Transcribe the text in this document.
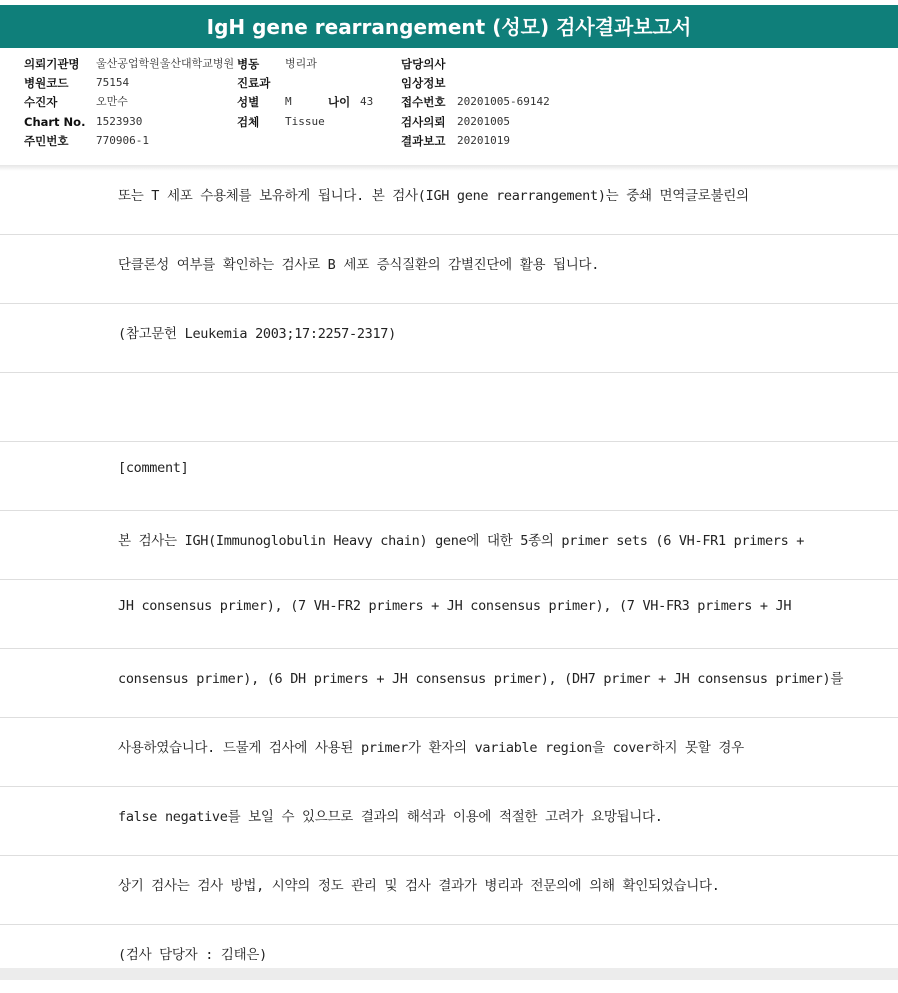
IgH gene rearrangement (성모) 검사결과보고서
의뢰기관명 울산공업학원울산대학교병원
병원코드	75154
수진자	오만수
Chart No. 1523930
주민번호	770906-1
병동 병리과
진료과
성별 M	나이 43
검체 Tissue
담당의사
임상정보
접수번호 20201005-69142
검사의뢰 20201005
결과보고 20201019
또는 T 세포 수용체를 보유하게 됩니다. 본 검사(IGH gene rearrangement)는 중쇄 면역글로불린의
단클론성 여부를 확인하는 검사로 B 세포 증식질환의 감별진단에 활용 됩니다.
(참고문헌 Leukemia 2003;17:2257-2317)
[comment]
본 검사는 IGH(Immunoglobulin Heavy chain) gene에 대한 5종의 primer sets (6 VH-FR1 primers +
JH consensus primer), (7 VH-FR2 primers + JH consensus primer), (7 VH-FR3 primers + JH
consensus primer), (6 DH primers + JH consensus primer), (DH7 primer + JH consensus primer)를
사용하였습니다. 드물게 검사에 사용된 primer가 환자의 variable region을 cover하지 못할 경우
false negative를 보일 수 있으므로 결과의 해석과 이용에 적절한 고려가 요망됩니다.
상기 검사는 검사 방법, 시약의 정도 관리 및 검사 결과가 병리과 전문의에 의해 확인되었습니다.
(검사 담당자 : 김태은)
